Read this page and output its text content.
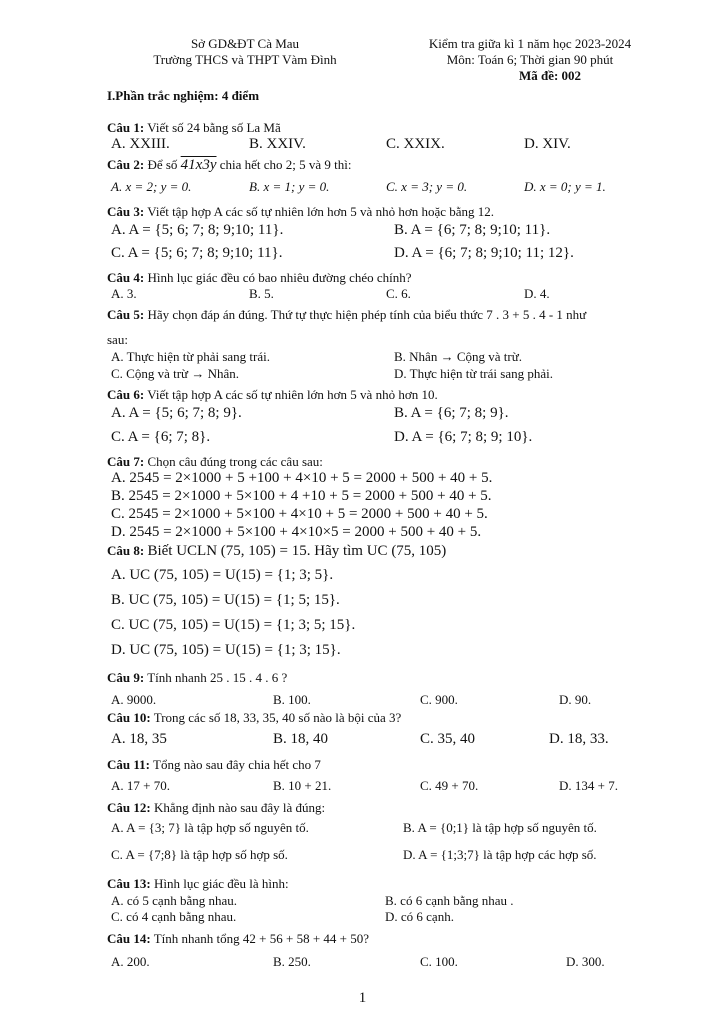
Sở GD&ĐT Cà Mau
Trường THCS và THPT Vàm Đình
Kiểm tra giữa kì 1 năm học 2023-2024
Môn: Toán 6; Thời gian 90 phút
Mã đề: 002
I.Phần trắc nghiệm: 4 điểm
Câu 1: Viết số 24 bằng số La Mã
A. XXIII.	B. XXIV.	C. XXIX.	D. XIV.
Câu 2: Để số 41x3y chia hết cho 2; 5 và 9 thì:
A. x = 2; y = 0.	B. x = 1; y = 0.	C. x = 3; y = 0.	D. x = 0; y = 1.
Câu 3: Viết tập hợp A các số tự nhiên lớn hơn 5 và nhỏ hơn hoặc bằng 12.
A. A = {5; 6; 7; 8; 9;10; 11}.	B. A = {6; 7; 8; 9;10; 11}.
C. A = {5; 6; 7; 8; 9;10; 11}.	D. A = {6; 7; 8; 9;10; 11; 12}.
Câu 4: Hình lục giác đều có bao nhiêu đường chéo chính?
A. 3.	B. 5.	C. 6.	D. 4.
Câu 5: Hãy chọn đáp án đúng. Thứ tự thực hiện phép tính của biểu thức 7 . 3 + 5 . 4 - 1 như
sau:
A. Thực hiện từ phải sang trái.	B. Nhân → Cộng và trừ.
C. Cộng và trừ → Nhân.	D. Thực hiện từ trái sang phải.
Câu 6: Viết tập hợp A các số tự nhiên lớn hơn 5 và nhỏ hơn 10.
A. A = {5; 6; 7; 8; 9}.	B. A = {6; 7; 8; 9}.
C. A = {6; 7; 8}.	D. A = {6; 7; 8; 9; 10}.
Câu 7: Chọn câu đúng trong các câu sau:
A. 2545 = 2×1000 + 5 +100 + 4×10 + 5 = 2000 + 500 + 40 + 5.
B. 2545 = 2×1000 + 5×100 + 4 +10 + 5 = 2000 + 500 + 40 + 5.
C. 2545 = 2×1000 + 5×100 + 4×10 + 5 = 2000 + 500 + 40 + 5.
D. 2545 = 2×1000 + 5×100 + 4×10×5 = 2000 + 500 + 40 + 5.
Câu 8: Biết UCLN (75, 105) = 15. Hãy tìm UC (75, 105)
A. UC (75, 105) = U(15) = {1; 3; 5}.
B. UC (75, 105) = U(15) = {1; 5; 15}.
C. UC (75, 105) = U(15) = {1; 3; 5; 15}.
D. UC (75, 105) = U(15) = {1; 3; 15}.
Câu 9: Tính nhanh 25 . 15 . 4 . 6 ?
A. 9000.	B. 100.	C. 900.	D. 90.
Câu 10: Trong các số 18, 33, 35, 40 số nào là bội của 3?
A. 18, 35	B. 18, 40	C. 35, 40	D. 18, 33.
Câu 11: Tổng nào sau đây chia hết cho 7
A. 17 + 70.	B. 10 + 21.	C. 49 + 70.	D. 134 + 7.
Câu 12: Khẳng định nào sau đây là đúng:
A. A = {3; 7} là tập hợp số nguyên tố.	B. A = {0;1} là tập hợp số nguyên tố.
C. A = {7;8} là tập hợp số hợp số.	D. A = {1;3;7} là tập hợp các hợp số.
Câu 13: Hình lục giác đều là hình:
A. có 5 cạnh bằng nhau.	B. có 6 cạnh bằng nhau .
C. có 4 cạnh bằng nhau.	D. có 6 cạnh.
Câu 14: Tính nhanh tổng 42 + 56 + 58 + 44 + 50?
A. 200.	B. 250.	C. 100.	D. 300.
1
